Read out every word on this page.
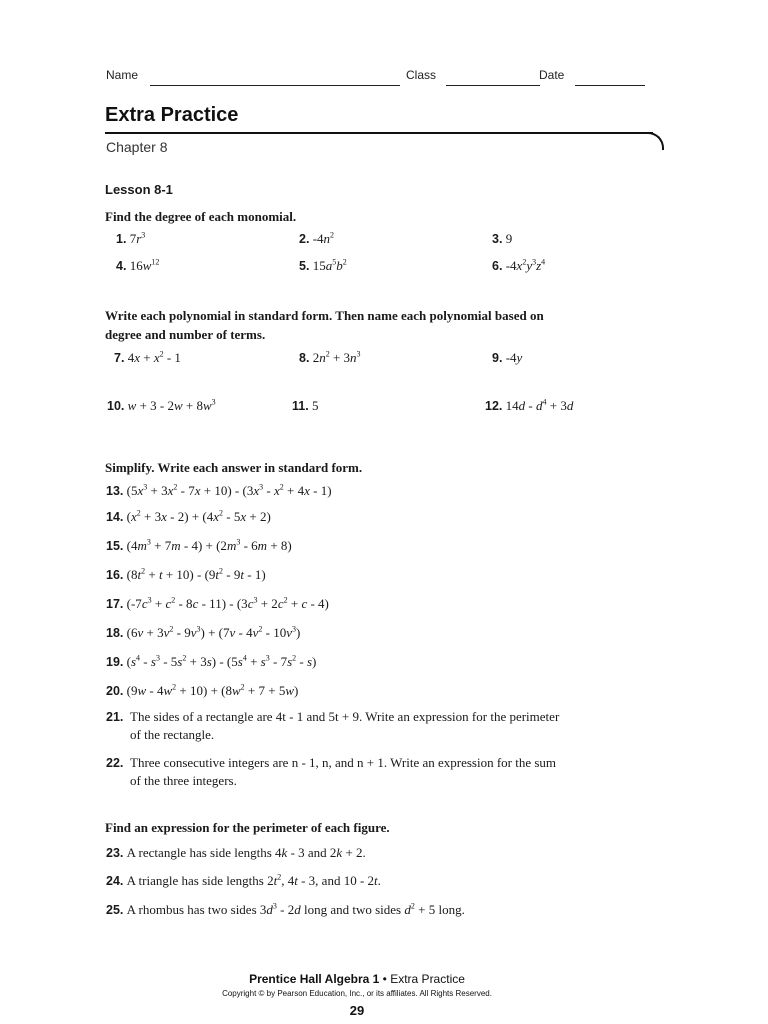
Name	Class	Date
Extra Practice
Chapter 8
Lesson 8-1
Find the degree of each monomial.
1. $7r^3$	2. $-4n^2$	3. 9
4. $16w^{12}$	5. $15a^5b^2$	6. $-4x^2y^3z^4$
Write each polynomial in standard form. Then name each polynomial based on
degree and number of terms.
7. $4x + x^2 - 1$	8. $2n^2 + 3n^3$	9. -4y
10. $w + 3 - 2w + 8w^3$	11. 5	12. $14d - d^4 + 3d$
Simplify. Write each answer in standard form.
13. $(5x^3 + 3x^2 - 7x + 10) - (3x^3 - x^2 + 4x - 1)$
14. $(x^2 + 3x - 2) + (4x^2 - 5x + 2)$
15. $(4m^3 + 7m - 4) + (2m^3 - 6m + 8)$
16. $(8t^2 + t + 10) - (9t^2 - 9t - 1)$
17. $(-7c^3 + c^2 - 8c - 11) - (3c^3 + 2c^2 + c - 4)$
18. $(6v + 3v^2 - 9v^3) + (7v - 4v^2 - 10v^3)$
19. $(s^4 - s^3 - 5s^2 + 3s) - (5s^4 + s^3 - 7s^2 - s)$
20. $(9w - 4w^2 + 10) + (8w^2 + 7 + 5w)$
21. The sides of a rectangle are 4t - 1 and 5t + 9. Write an expression for the perimeter
of the rectangle.
22. Three consecutive integers are n - 1, n, and n + 1. Write an expression for the sum
of the three integers.
Find an expression for the perimeter of each figure.
23. A rectangle has side lengths 4k - 3 and 2k + 2.
24. A triangle has side lengths $2t^2$, 4t - 3, and 10 - 2t.
25. A rhombus has two sides $3d^3 - 2d$ long and two sides $d^2 + 5$ long.
Prentice Hall Algebra 1 • Extra Practice
Copyright © by Pearson Education, Inc., or its affiliates. All Rights Reserved.
29
